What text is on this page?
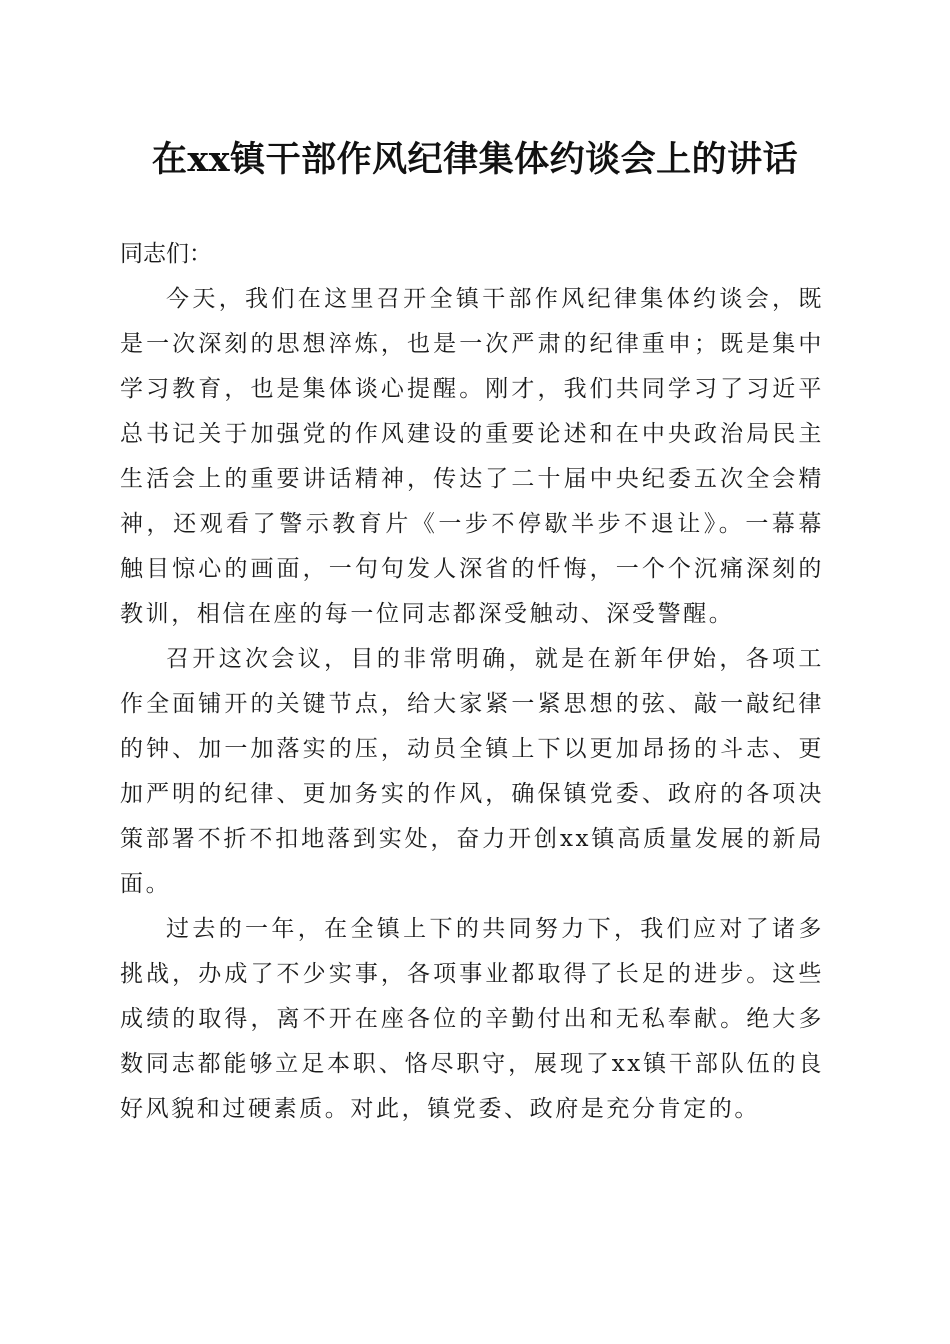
在xx镇干部作风纪律集体约谈会上的讲话

同志们：

今天，我们在这里召开全镇干部作风纪律集体约谈会，既是一次深刻的思想淬炼，也是一次严肃的纪律重申；既是集中学习教育，也是集体谈心提醒。刚才，我们共同学习了习近平总书记关于加强党的作风建设的重要论述和在中央政治局民主生活会上的重要讲话精神，传达了二十届中央纪委五次全会精神，还观看了警示教育片《一步不停歇半步不退让》。一幕幕触目惊心的画面，一句句发人深省的忏悔，一个个沉痛深刻的教训，相信在座的每一位同志都深受触动、深受警醒。

召开这次会议，目的非常明确，就是在新年伊始，各项工作全面铺开的关键节点，给大家紧一紧思想的弦、敲一敲纪律的钟、加一加落实的压，动员全镇上下以更加昂扬的斗志、更加严明的纪律、更加务实的作风，确保镇党委、政府的各项决策部署不折不扣地落到实处，奋力开创xx镇高质量发展的新局面。

过去的一年，在全镇上下的共同努力下，我们应对了诸多挑战，办成了不少实事，各项事业都取得了长足的进步。这些成绩的取得，离不开在座各位的辛勤付出和无私奉献。绝大多数同志都能够立足本职、恪尽职守，展现了xx镇干部队伍的良好风貌和过硬素质。对此，镇党委、政府是充分肯定的。
